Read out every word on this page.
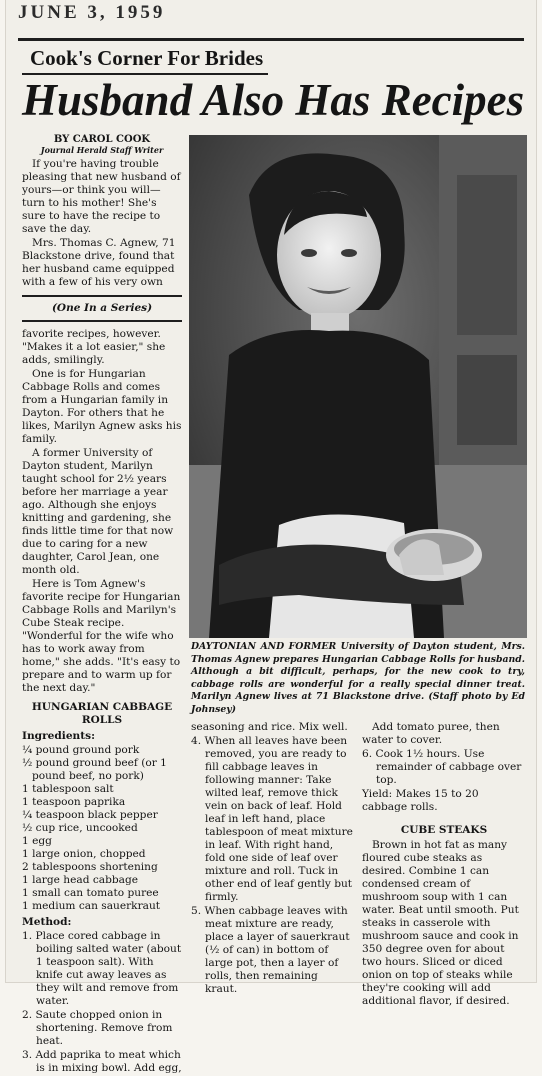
JUNE 3, 1959
Cook's Corner For Brides
Husband Also Has Recipes

BY CAROL COOK

Journal Herald Staff Writer

If you're having trouble pleasing that new husband of yours—or think you will—turn to his mother! She's sure to have the recipe to save the day.

Mrs. Thomas C. Agnew, 71 Blackstone drive, found that her husband came equipped with a few of his very own

(One In a Series)

favorite recipes, however. "Makes it a lot easier," she adds, smilingly.

One is for Hungarian Cabbage Rolls and comes from a Hungarian family in Dayton. For others that he likes, Marilyn Agnew asks his family.

A former University of Dayton student, Marilyn taught school for 2½ years before her marriage a year ago. Although she enjoys knitting and gardening, she finds little time for that now due to caring for a new daughter, Carol Jean, one month old.

Here is Tom Agnew's favorite recipe for Hungarian Cabbage Rolls and Marilyn's Cube Steak recipe. "Wonderful for the wife who has to work away from home," she adds. "It's easy to prepare and to warm up for the next day."

HUNGARIAN CABBAGE
ROLLS
Ingredients:
¼ pound ground pork
½ pound ground beef (or 1 pound beef, no pork)
1 tablespoon salt
1 teaspoon paprika
¼ teaspoon black pepper
½ cup rice, uncooked
1 egg
1 large onion, chopped
2 tablespoons shortening
1 large head cabbage
1 small can tomato puree
1 medium can sauerkraut
Method:
1. Place cored cabbage in boiling salted water (about 1 teaspoon salt). With knife cut away leaves as they wilt and remove from water.
2. Saute chopped onion in shortening. Remove from heat.
3. Add paprika to meat which is in mixing bowl. Add egg,
DAYTONIAN AND FORMER University of Dayton student, Mrs. Thomas Agnew prepares Hungarian Cabbage Rolls for husband. Although a bit difficult, perhaps, for the new cook to try, cabbage rolls are wonderful for a really special dinner treat. Marilyn Agnew lives at 71 Blackstone drive. (Staff photo by Ed Johnsey)

seasoning and rice. Mix well.

4. When all leaves have been removed, you are ready to fill cabbage leaves in following manner: Take wilted leaf, remove thick vein on back of leaf. Hold leaf in left hand, place tablespoon of meat mixture in leaf. With right hand, fold one side of leaf over mixture and roll. Tuck in other end of leaf gently but firmly.
5. When cabbage leaves with meat mixture are ready, place a layer of sauerkraut (½ of can) in bottom of large pot, then a layer of rolls, then remaining kraut.

Add tomato puree, then water to cover.

6. Cook 1½ hours. Use remainder of cabbage over top.

Yield: Makes 15 to 20 cabbage rolls.

CUBE STEAKS

Brown in hot fat as many floured cube steaks as desired. Combine 1 can condensed cream of mushroom soup with 1 can water. Beat until smooth. Put steaks in casserole with mushroom sauce and cook in 350 degree oven for about two hours. Sliced or diced onion on top of steaks while they're cooking will add additional flavor, if desired.
